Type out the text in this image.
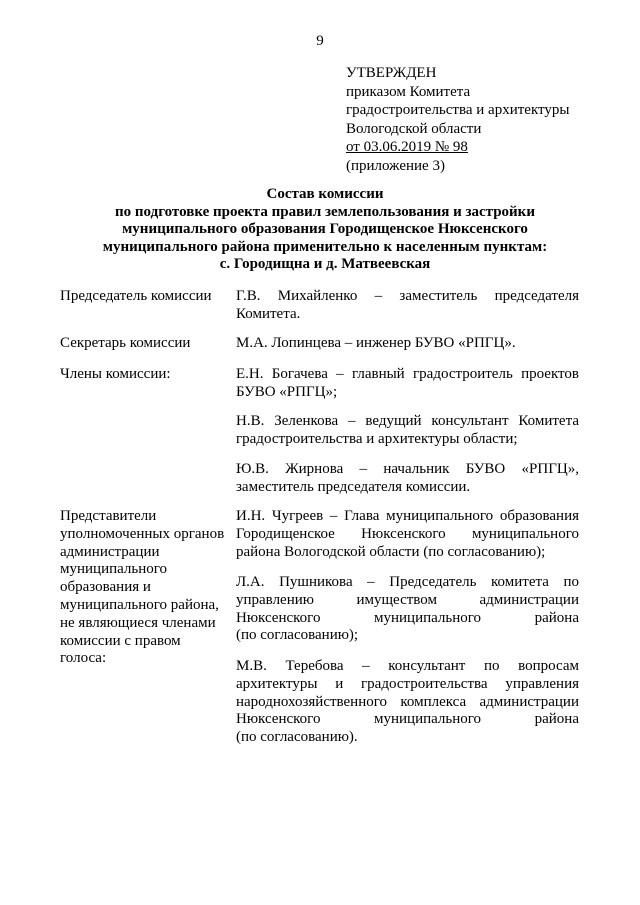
9
УТВЕРЖДЕН
приказом Комитета
градостроительства и архитектуры
Вологодской области
от 03.06.2019 № 98
(приложение 3)
Состав комиссии
по подготовке проекта правил землепользования и застройки
муниципального образования Городищенское Нюксенского
муниципального района применительно к населенным пунктам:
с. Городищна и д. Матвеевская
Председатель комиссии Г.В. Михайленко – заместитель председателя
Комитета.
Секретарь комиссии	М.А. Лопинцева – инженер БУВО «РПГЦ».
Члены комиссии:	Е.Н. Богачева – главный градостроитель проектов
БУВО «РПГЦ»;
Н.В. Зеленкова – ведущий консультант Комитета
градостроительства и архитектуры области;
Ю.В. Жирнова – начальник БУВО «РПГЦ»,
заместитель председателя комиссии.
Представители
уполномоченных органов
администрации
муниципального
образования и
муниципального района,
не являющиеся членами
комиссии с правом
голоса:
И.Н. Чугреев – Глава муниципального образования
Городищенское Нюксенского муниципального
района Вологодской области (по согласованию);
Л.А. Пушникова – Председатель комитета по
управлению имуществом администрации
Нюксенского муниципального района
(по согласованию);
М.В. Теребова – консультант по вопросам
архитектуры и градостроительства управления
народнохозяйственного комплекса администрации
Нюксенского муниципального района
(по согласованию).
